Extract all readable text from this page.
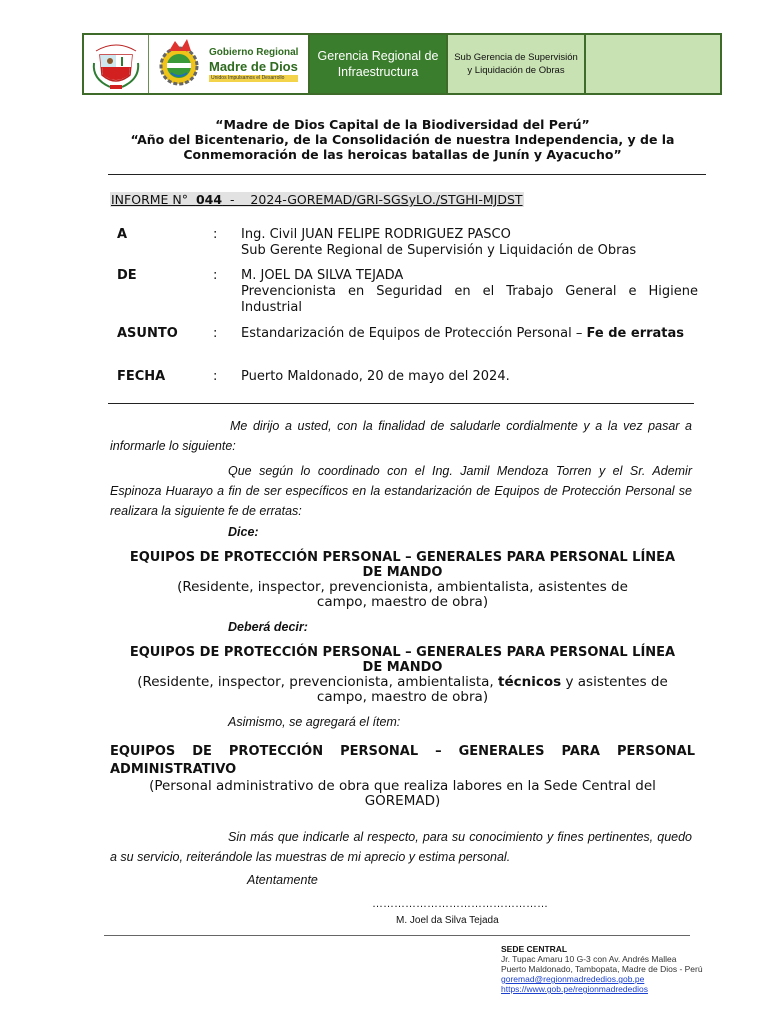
Gobierno Regional
Madre de Dios
Unidos Impulsamos el Desarrollo
Gerencia Regional de Infraestructura
Sub Gerencia de Supervisión y Liquidación de Obras
“Madre de Dios Capital de la Biodiversidad del Perú”
“Año del Bicentenario, de la Consolidación de nuestra Independencia, y de la
Conmemoración de las heroicas batallas de Junín y Ayacucho”
INFORME N° 044  -    2024-GOREMAD/GRI-SGSyLO./STGHI-MJDST
A	: Ing. Civil JUAN FELIPE RODRIGUEZ PASCO
Sub Gerente Regional de Supervisión y Liquidación de Obras
DE	: M. JOEL DA SILVA TEJADA
Prevencionista en Seguridad en el Trabajo General e Higiene Industrial
ASUNTO	: Estandarización de Equipos de Protección Personal – Fe de erratas
FECHA	: Puerto Maldonado, 20 de mayo del 2024.
Me dirijo a usted, con la finalidad de saludarle cordialmente y a la vez pasar a informarle lo siguiente:
Que según lo coordinado con el Ing. Jamil Mendoza Torren y el Sr. Ademir Espinoza Huarayo a fin de ser específicos en la estandarización de Equipos de Protección Personal se realizara la siguiente fe de erratas:
Dice:
EQUIPOS DE PROTECCIÓN PERSONAL – GENERALES PARA PERSONAL LÍNEA DE MANDO
(Residente, inspector, prevencionista, ambientalista, asistentes de campo, maestro de obra)
Deberá decir:
EQUIPOS DE PROTECCIÓN PERSONAL – GENERALES PARA PERSONAL LÍNEA DE MANDO
(Residente, inspector, prevencionista, ambientalista, técnicos y asistentes de campo, maestro de obra)
Asimismo, se agregará el ítem:
EQUIPOS DE PROTECCIÓN PERSONAL – GENERALES PARA PERSONAL ADMINISTRATIVO
(Personal administrativo de obra que realiza labores en la Sede Central del GOREMAD)
Sin más que indicarle al respecto, para su conocimiento y fines pertinentes, quedo a su servicio, reiterándole las muestras de mi aprecio y estima personal.
Atentamente
…………………………………………
M. Joel da Silva Tejada
SEDE CENTRAL
Jr. Tupac Amaru 10 G-3 con Av. Andrés Mallea
Puerto Maldonado, Tambopata, Madre de Dios - Perú
goremad@regionmadrededios.gob.pe
https://www.gob.pe/regionmadrededios
